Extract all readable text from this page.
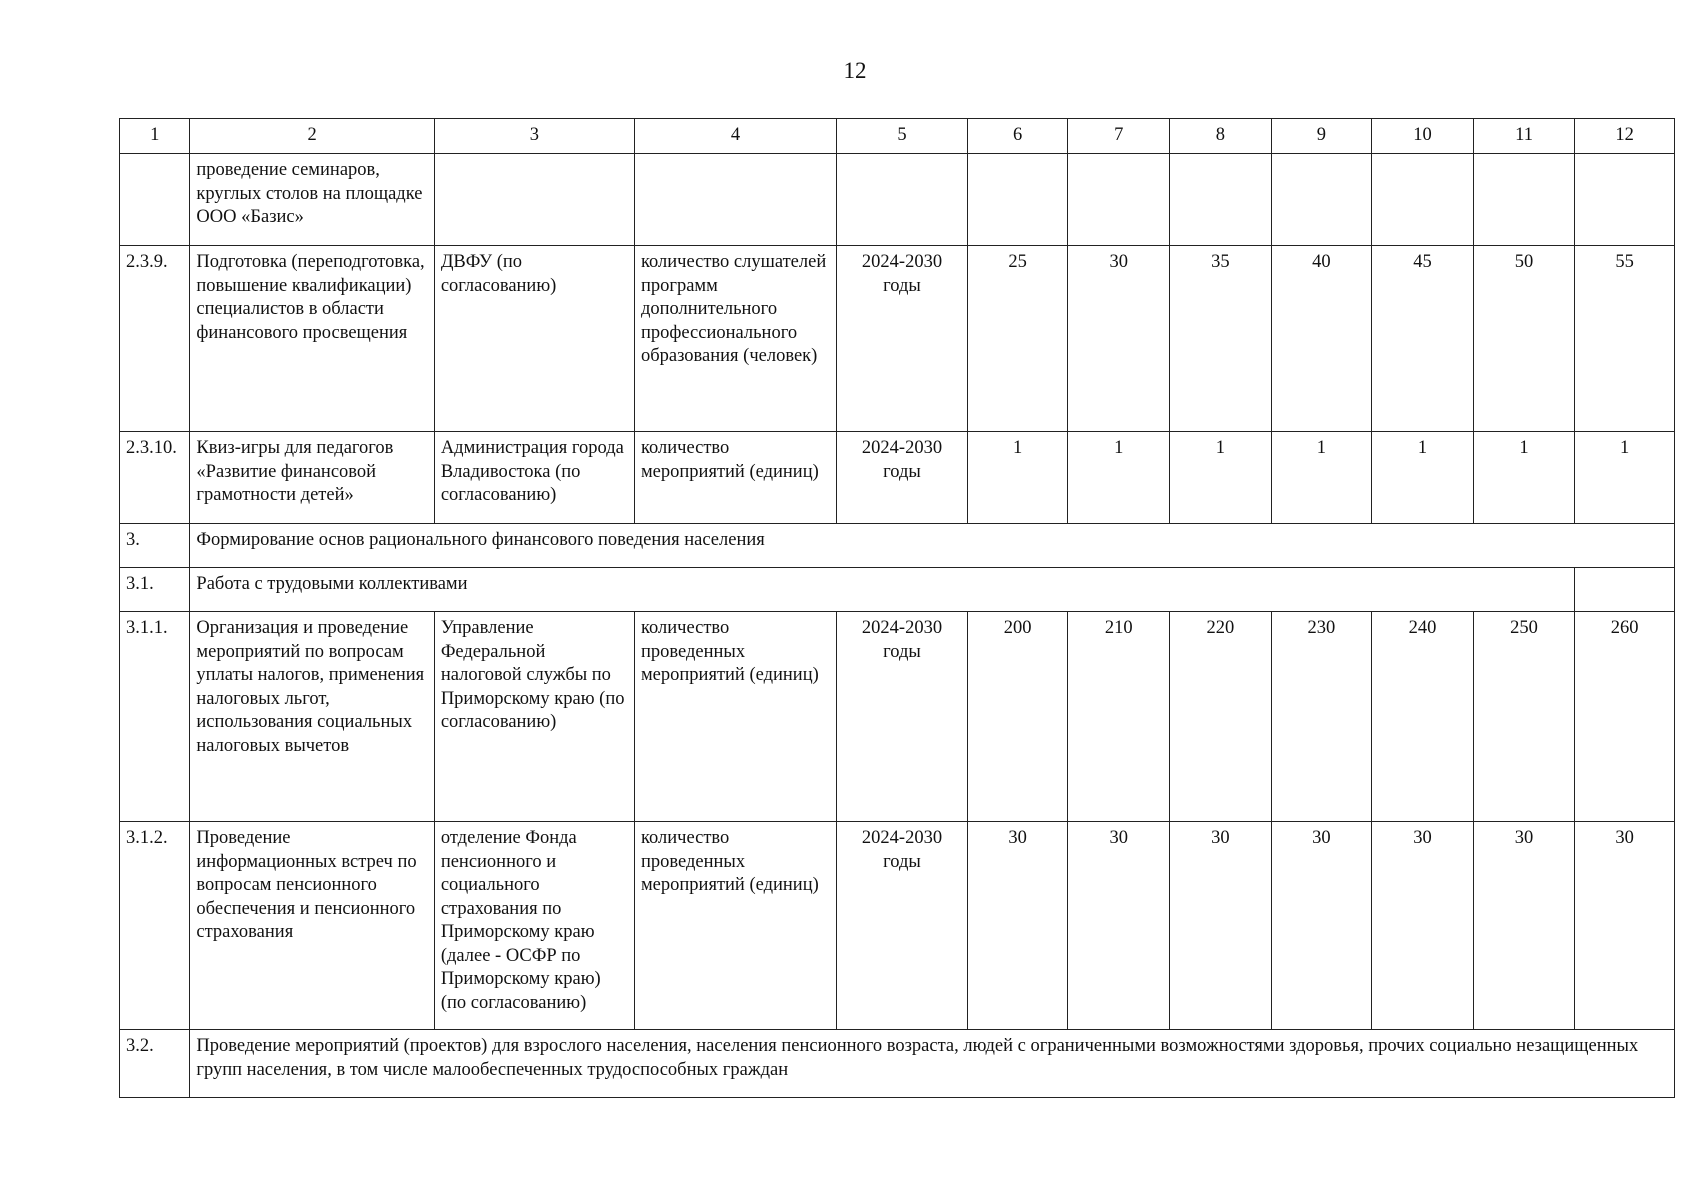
12
1	2	3	4	5	6	7	8	9	10	11	12
	проведение семинаров, круглых столов на площадке ООО «Базис»										
2.3.9.	Подготовка (переподготовка, повышение квалификации) специалистов в области финансового просвещения	ДВФУ (по согласованию)	количество слушателей программ дополнительного профессионального образования (человек)	2024-2030 годы	25	30	35	40	45	50	55
2.3.10.	Квиз-игры для педагогов «Развитие финансовой грамотности детей»	Администрация города Владивостока (по согласованию)	количество мероприятий (единиц)	2024-2030 годы	1	1	1	1	1	1	1
3.	Формирование основ рационального финансового поведения населения										
3.1.	Работа с трудовыми коллективами										
3.1.1.	Организация и проведение мероприятий по вопросам уплаты налогов, применения налоговых льгот, использования социальных налоговых вычетов	Управление Федеральной налоговой службы по Приморскому краю (по согласованию)	количество проведенных мероприятий (единиц)	2024-2030 годы	200	210	220	230	240	250	260
3.1.2.	Проведение информационных встреч по вопросам пенсионного обеспечения и пенсионного страхования	отделение Фонда пенсионного и социального страхования по Приморскому краю (далее - ОСФР по Приморскому краю) (по согласованию)	количество проведенных мероприятий (единиц)	2024-2030 годы	30	30	30	30	30	30	30
3.2.	Проведение мероприятий (проектов) для взрослого населения, населения пенсионного возраста, людей с ограниченными возможностями здоровья, прочих социально незащищенных групп населения, в том числе малообеспеченных трудоспособных граждан										
